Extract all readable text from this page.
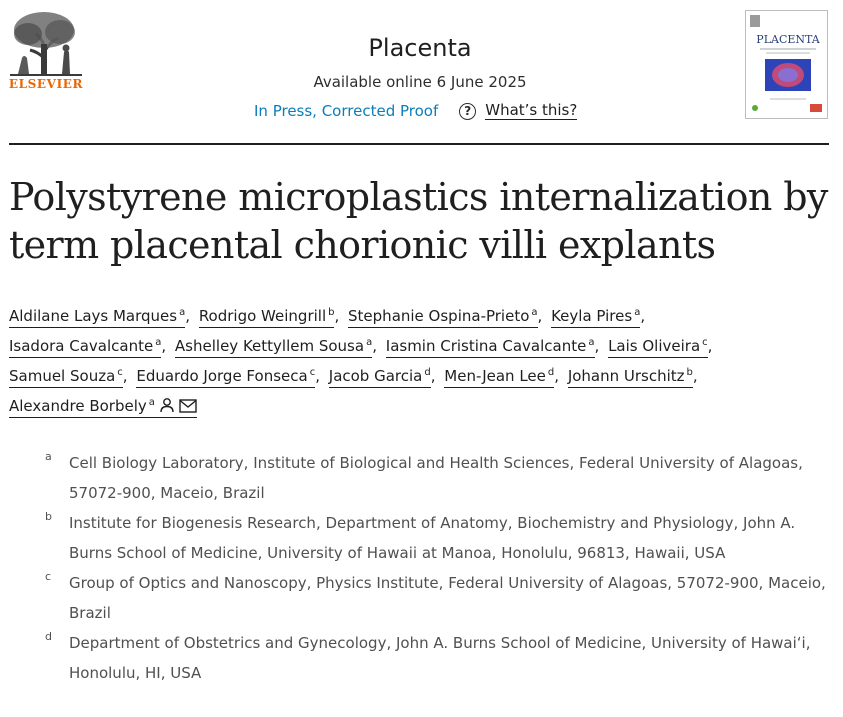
ELSEVIER
Placenta
Available online 6 June 2025
In Press, Corrected Proof	? What’s this?
PLACENTA
Polystyrene microplastics internalization by term placental chorionic villi explants
Aldilane Lays Marques $^a$, Rodrigo Weingrill $^b$, Stephanie Ospina-Prieto $^a$, Keyla Pires $^a$,
Isadora Cavalcante $^a$, Ashelley Kettyllem Sousa $^a$, Iasmin Cristina Cavalcante $^a$, Lais Oliveira $^c$,
Samuel Souza $^c$, Eduardo Jorge Fonseca $^c$, Jacob Garcia $^d$, Men-Jean Lee $^d$, Johann Urschitz $^b$,
Alexandre Borbely $^a$
a Cell Biology Laboratory, Institute of Biological and Health Sciences, Federal University of Alagoas, 57072-900, Maceio, Brazil
b Institute for Biogenesis Research, Department of Anatomy, Biochemistry and Physiology, John A. Burns School of Medicine, University of Hawaii at Manoa, Honolulu, 96813, Hawaii, USA
c Group of Optics and Nanoscopy, Physics Institute, Federal University of Alagoas, 57072-900, Maceio, Brazil
d Department of Obstetrics and Gynecology, John A. Burns School of Medicine, University of Hawaiʻi, Honolulu, HI, USA
